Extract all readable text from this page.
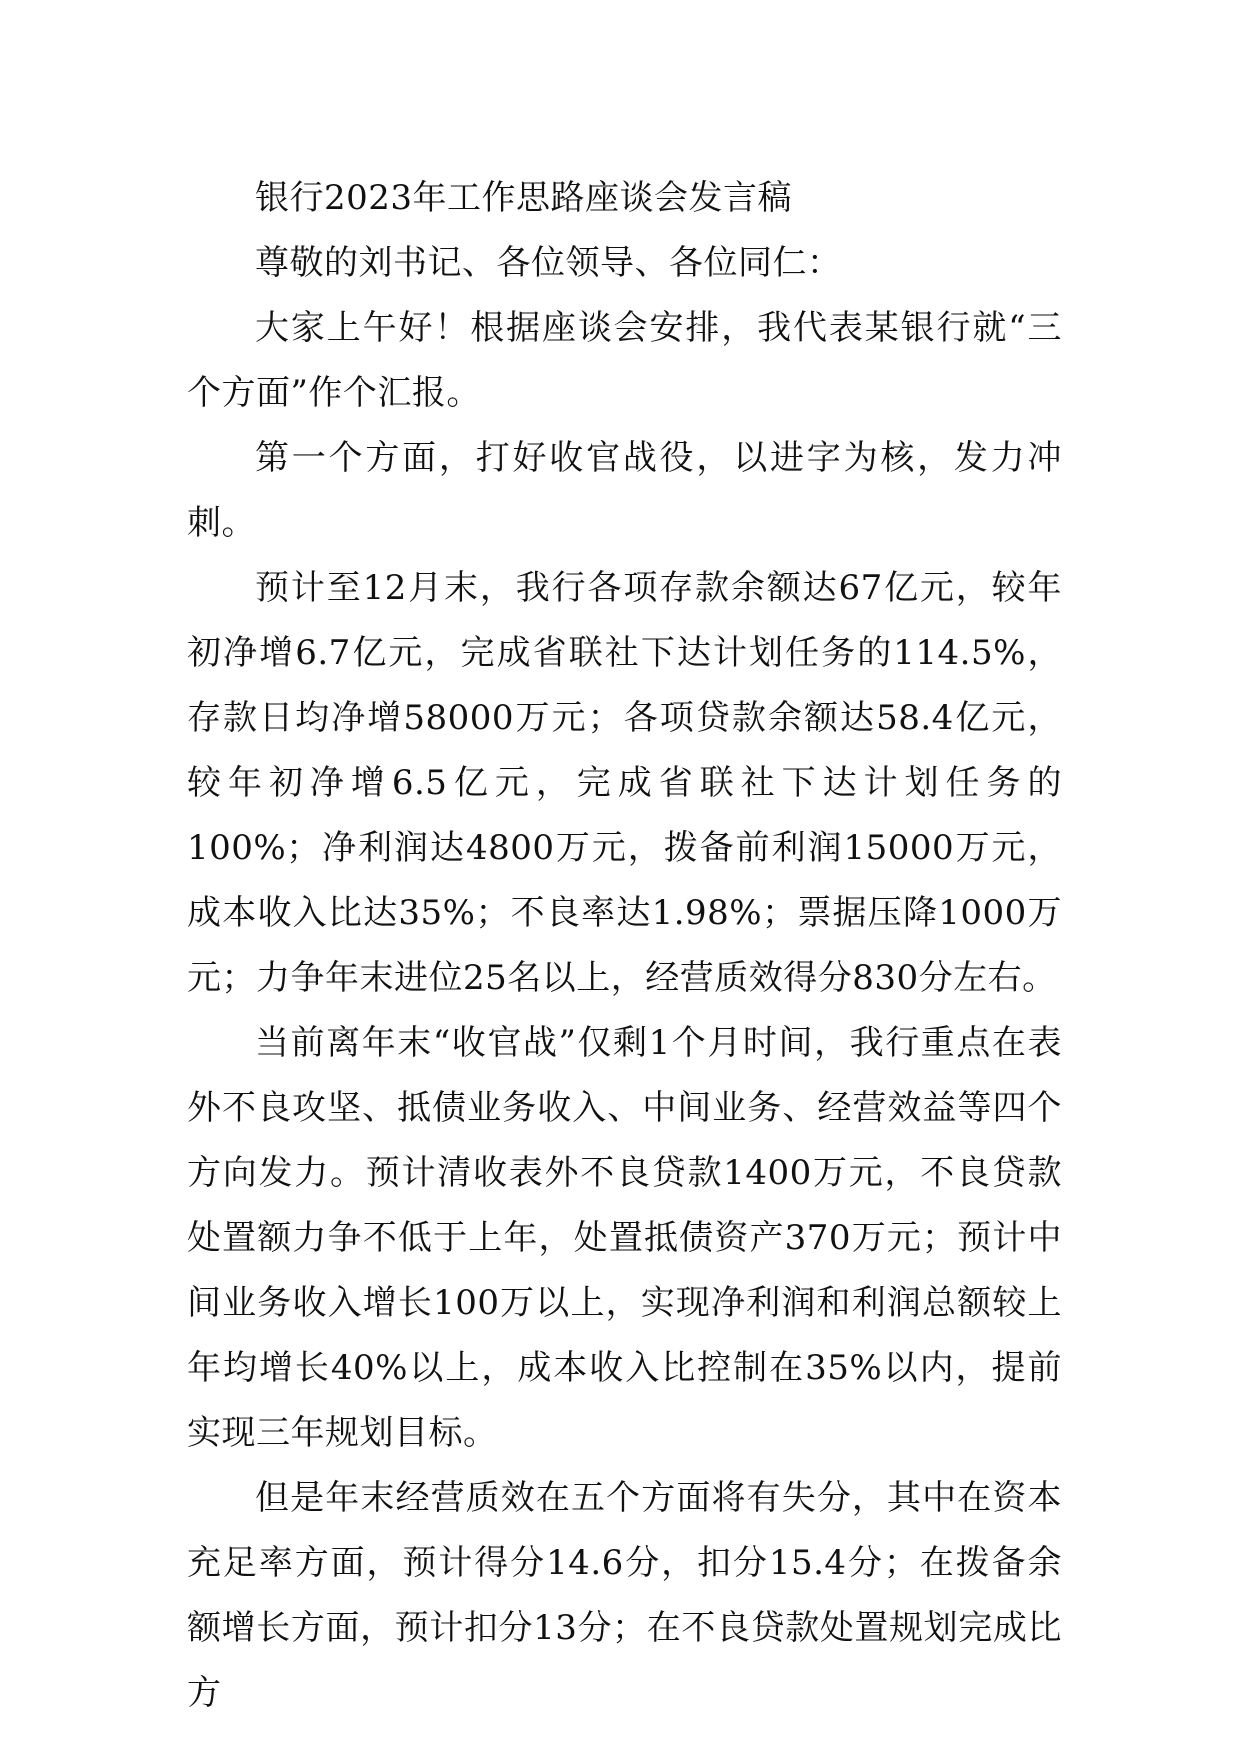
银行2023年工作思路座谈会发言稿

尊敬的刘书记、各位领导、各位同仁：

大家上午好！根据座谈会安排，我代表某银行就“三个方面”作个汇报。

第一个方面，打好收官战役，以进字为核，发力冲刺。

预计至12月末，我行各项存款余额达67亿元，较年初净增6.7亿元，完成省联社下达计划任务的114.5%，存款日均净增58000万元；各项贷款余额达58.4亿元，较年初净增6.5亿元，完成省联社下达计划任务的100%；净利润达4800万元，拨备前利润15000万元，成本收入比达35%；不良率达1.98%；票据压降1000万元；力争年末进位25名以上，经营质效得分830分左右。

当前离年末“收官战”仅剩1个月时间，我行重点在表外不良攻坚、抵债业务收入、中间业务、经营效益等四个方向发力。预计清收表外不良贷款1400万元，不良贷款处置额力争不低于上年，处置抵债资产370万元；预计中间业务收入增长100万以上，实现净利润和利润总额较上年均增长40%以上，成本收入比控制在35%以内，提前实现三年规划目标。

但是年末经营质效在五个方面将有失分，其中在资本充足率方面，预计得分14.6分，扣分15.4分；在拨备余额增长方面，预计扣分13分；在不良贷款处置规划完成比方
